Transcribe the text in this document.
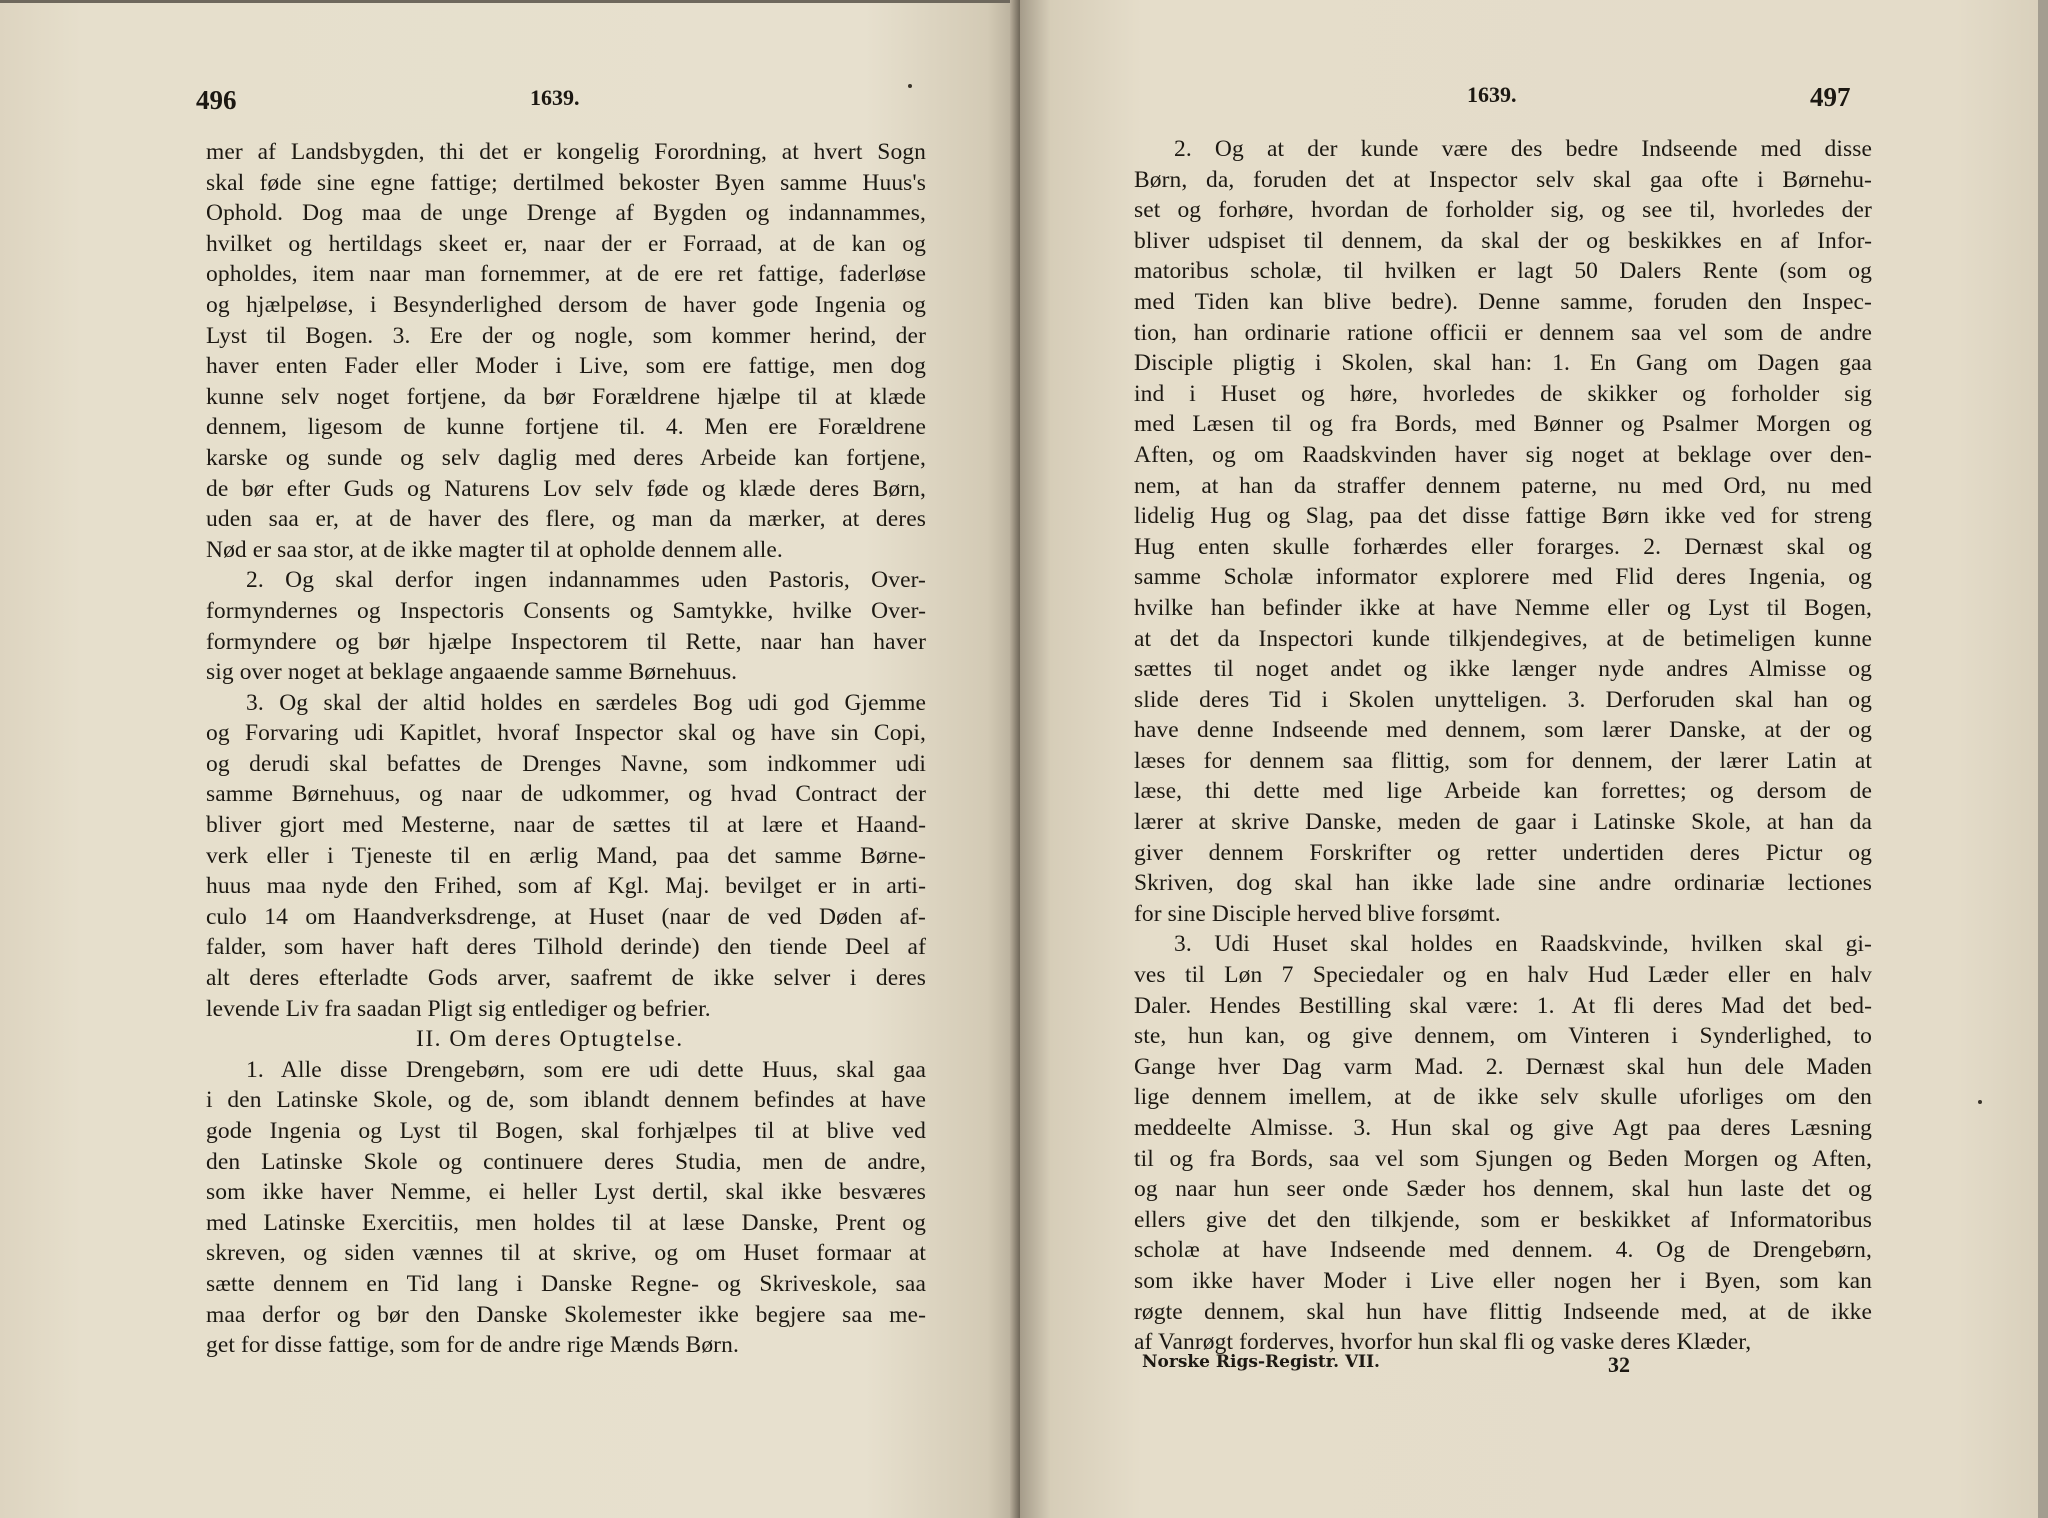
496	1639.
mer af Landsbygden, thi det er kongelig Forordning, at hvert Sogn
skal føde sine egne fattige; dertilmed bekoster Byen samme Huus's
Ophold. Dog maa de unge Drenge af Bygden og indannammes,
hvilket og hertildags skeet er, naar der er Forraad, at de kan og
opholdes, item naar man fornemmer, at de ere ret fattige, faderløse
og hjælpeløse, i Besynderlighed dersom de haver gode Ingenia og
Lyst til Bogen. 3. Ere der og nogle, som kommer herind, der
haver enten Fader eller Moder i Live, som ere fattige, men dog
kunne selv noget fortjene, da bør Forældrene hjælpe til at klæde
dennem, ligesom de kunne fortjene til. 4. Men ere Forældrene
karske og sunde og selv daglig med deres Arbeide kan fortjene,
de bør efter Guds og Naturens Lov selv føde og klæde deres Børn,
uden saa er, at de haver des flere, og man da mærker, at deres
Nød er saa stor, at de ikke magter til at opholde dennem alle.
2. Og skal derfor ingen indannammes uden Pastoris, Over-
formyndernes og Inspectoris Consents og Samtykke, hvilke Over-
formyndere og bør hjælpe Inspectorem til Rette, naar han haver
sig over noget at beklage angaaende samme Børnehuus.
3. Og skal der altid holdes en særdeles Bog udi god Gjemme
og Forvaring udi Kapitlet, hvoraf Inspector skal og have sin Copi,
og derudi skal befattes de Drenges Navne, som indkommer udi
samme Børnehuus, og naar de udkommer, og hvad Contract der
bliver gjort med Mesterne, naar de sættes til at lære et Haand-
verk eller i Tjeneste til en ærlig Mand, paa det samme Børne-
huus maa nyde den Frihed, som af Kgl. Maj. bevilget er in arti-
culo 14 om Haandverksdrenge, at Huset (naar de ved Døden af-
falder, som haver haft deres Tilhold derinde) den tiende Deel af
alt deres efterladte Gods arver, saafremt de ikke selver i deres
levende Liv fra saadan Pligt sig entlediger og befrier.
II. Om deres Optugtelse.
1. Alle disse Drengebørn, som ere udi dette Huus, skal gaa
i den Latinske Skole, og de, som iblandt dennem befindes at have
gode Ingenia og Lyst til Bogen, skal forhjælpes til at blive ved
den Latinske Skole og continuere deres Studia, men de andre,
som ikke haver Nemme, ei heller Lyst dertil, skal ikke besværes
med Latinske Exercitiis, men holdes til at læse Danske, Prent og
skreven, og siden vænnes til at skrive, og om Huset formaar at
sætte dennem en Tid lang i Danske Regne- og Skriveskole, saa
maa derfor og bør den Danske Skolemester ikke begjere saa me-
get for disse fattige, som for de andre rige Mænds Børn.
1639.	497
2. Og at der kunde være des bedre Indseende med disse
Børn, da, foruden det at Inspector selv skal gaa ofte i Børnehu-
set og forhøre, hvordan de forholder sig, og see til, hvorledes der
bliver udspiset til dennem, da skal der og beskikkes en af Infor-
matoribus scholæ, til hvilken er lagt 50 Dalers Rente (som og
med Tiden kan blive bedre). Denne samme, foruden den Inspec-
tion, han ordinarie ratione officii er dennem saa vel som de andre
Disciple pligtig i Skolen, skal han: 1. En Gang om Dagen gaa
ind i Huset og høre, hvorledes de skikker og forholder sig
med Læsen til og fra Bords, med Bønner og Psalmer Morgen og
Aften, og om Raadskvinden haver sig noget at beklage over den-
nem, at han da straffer dennem paterne, nu med Ord, nu med
lidelig Hug og Slag, paa det disse fattige Børn ikke ved for streng
Hug enten skulle forhærdes eller forarges. 2. Dernæst skal og
samme Scholæ informator explorere med Flid deres Ingenia, og
hvilke han befinder ikke at have Nemme eller og Lyst til Bogen,
at det da Inspectori kunde tilkjendegives, at de betimeligen kunne
sættes til noget andet og ikke længer nyde andres Almisse og
slide deres Tid i Skolen unytteligen. 3. Derforuden skal han og
have denne Indseende med dennem, som lærer Danske, at der og
læses for dennem saa flittig, som for dennem, der lærer Latin at
læse, thi dette med lige Arbeide kan forrettes; og dersom de
lærer at skrive Danske, meden de gaar i Latinske Skole, at han da
giver dennem Forskrifter og retter undertiden deres Pictur og
Skriven, dog skal han ikke lade sine andre ordinariæ lectiones
for sine Disciple herved blive forsømt.
3. Udi Huset skal holdes en Raadskvinde, hvilken skal gi-
ves til Løn 7 Speciedaler og en halv Hud Læder eller en halv
Daler. Hendes Bestilling skal være: 1. At fli deres Mad det bed-
ste, hun kan, og give dennem, om Vinteren i Synderlighed, to
Gange hver Dag varm Mad. 2. Dernæst skal hun dele Maden
lige dennem imellem, at de ikke selv skulle uforliges om den
meddeelte Almisse. 3. Hun skal og give Agt paa deres Læsning
til og fra Bords, saa vel som Sjungen og Beden Morgen og Aften,
og naar hun seer onde Sæder hos dennem, skal hun laste det og
ellers give det den tilkjende, som er beskikket af Informatoribus
scholæ at have Indseende med dennem. 4. Og de Drengebørn,
som ikke haver Moder i Live eller nogen her i Byen, som kan
røgte dennem, skal hun have flittig Indseende med, at de ikke
af Vanrøgt forderves, hvorfor hun skal fli og vaske deres Klæder,
Norske Rigs-Registr. VII.	32
